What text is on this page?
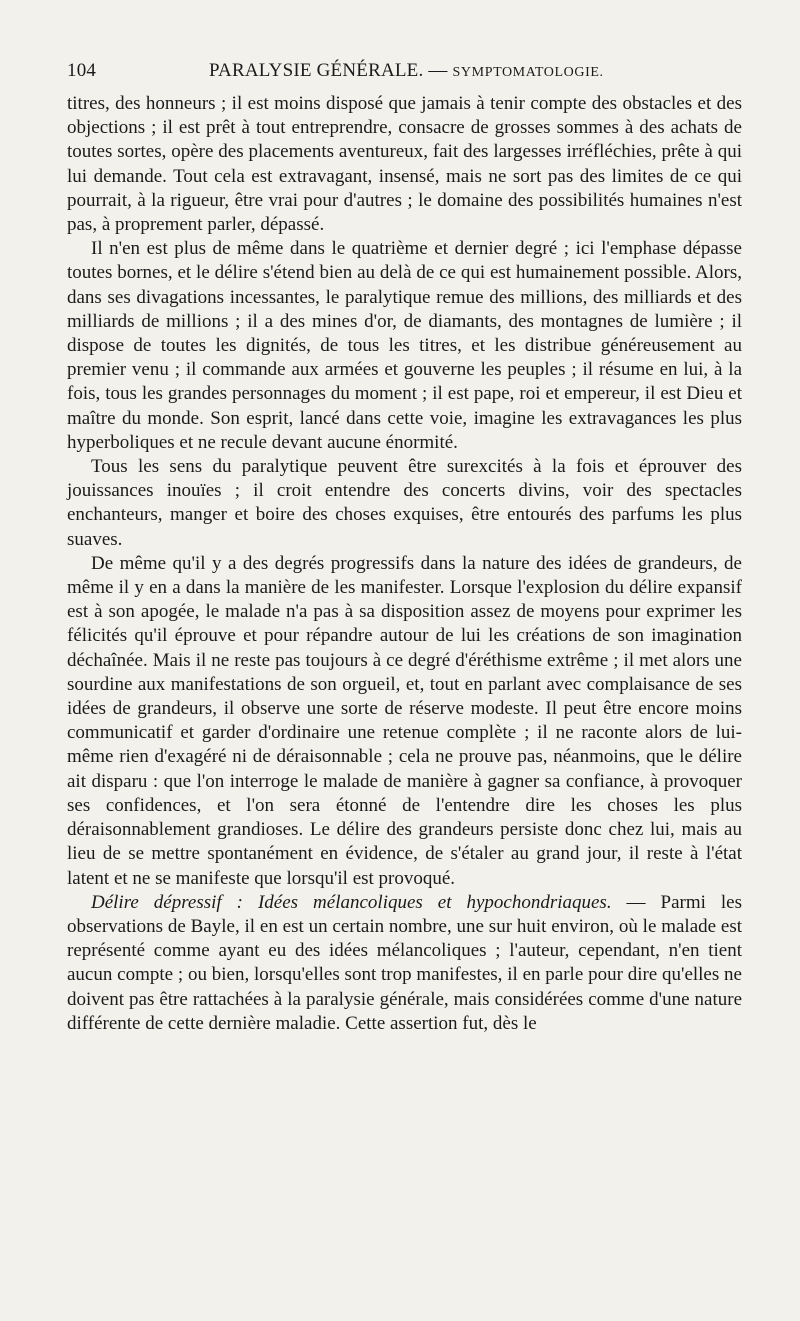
104	PARALYSIE GÉNÉRALE. — SYMPTOMATOLOGIE.

titres, des honneurs ; il est moins disposé que jamais à tenir compte des obstacles et des objections ; il est prêt à tout entreprendre, consacre de grosses sommes à des achats de toutes sortes, opère des placements aventureux, fait des largesses irréfléchies, prête à qui lui demande. Tout cela est extravagant, insensé, mais ne sort pas des limites de ce qui pourrait, à la rigueur, être vrai pour d'autres ; le domaine des possibilités humaines n'est pas, à proprement parler, dépassé.

Il n'en est plus de même dans le quatrième et dernier degré ; ici l'emphase dépasse toutes bornes, et le délire s'étend bien au delà de ce qui est humainement possible. Alors, dans ses divagations incessantes, le paralytique remue des millions, des milliards et des milliards de millions ; il a des mines d'or, de diamants, des montagnes de lumière ; il dispose de toutes les dignités, de tous les titres, et les distribue généreusement au premier venu ; il commande aux armées et gouverne les peuples ; il résume en lui, à la fois, tous les grandes personnages du moment ; il est pape, roi et empereur, il est Dieu et maître du monde. Son esprit, lancé dans cette voie, imagine les extravagances les plus hyperboliques et ne recule devant aucune énormité.

Tous les sens du paralytique peuvent être surexcités à la fois et éprouver des jouissances inouïes ; il croit entendre des concerts divins, voir des spectacles enchanteurs, manger et boire des choses exquises, être entourés des parfums les plus suaves.

De même qu'il y a des degrés progressifs dans la nature des idées de grandeurs, de même il y en a dans la manière de les manifester. Lorsque l'explosion du délire expansif est à son apogée, le malade n'a pas à sa disposition assez de moyens pour exprimer les félicités qu'il éprouve et pour répandre autour de lui les créations de son imagination déchaînée. Mais il ne reste pas toujours à ce degré d'éréthisme extrême ; il met alors une sourdine aux manifestations de son orgueil, et, tout en parlant avec complaisance de ses idées de grandeurs, il observe une sorte de réserve modeste. Il peut être encore moins communicatif et garder d'ordinaire une retenue complète ; il ne raconte alors de lui-même rien d'exagéré ni de déraisonnable ; cela ne prouve pas, néanmoins, que le délire ait disparu : que l'on interroge le malade de manière à gagner sa confiance, à provoquer ses confidences, et l'on sera étonné de l'entendre dire les choses les plus déraisonnablement grandioses. Le délire des grandeurs persiste donc chez lui, mais au lieu de se mettre spontanément en évidence, de s'étaler au grand jour, il reste à l'état latent et ne se manifeste que lorsqu'il est provoqué.

Délire dépressif : Idées mélancoliques et hypochondriaques. — Parmi les observations de Bayle, il en est un certain nombre, une sur huit environ, où le malade est représenté comme ayant eu des idées mélancoliques ; l'auteur, cependant, n'en tient aucun compte ; ou bien, lorsqu'elles sont trop manifestes, il en parle pour dire qu'elles ne doivent pas être rattachées à la paralysie générale, mais considérées comme d'une nature différente de cette dernière maladie. Cette assertion fut, dès le
